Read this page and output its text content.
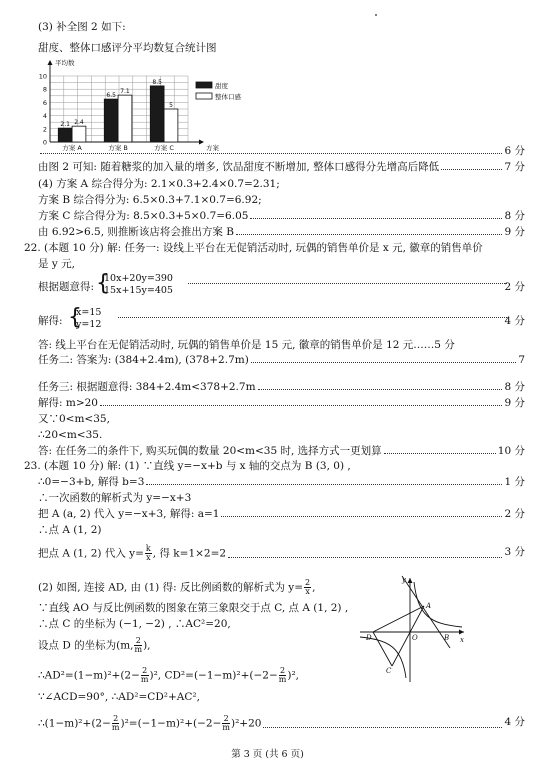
(3) 补全图 2 如下:
甜度、整体口感评分平均数复合统计图
0
2
4
6
8
10
平均数
方案
2.1 2.4
方案 A
6.5
7.1
方案 B
8.5
5
方案 C
甜度
整体口感
6 分
由图 2 可知: 随着糖浆的加入量的增多, 饮品甜度不断增加, 整体口感得分先增高后降低	7 分
(4) 方案 A 综合得分为: 2.1×0.3+2.4×0.7=2.31;
方案 B 综合得分为: 6.5×0.3+7.1×0.7=6.92;
方案 C 综合得分为: 8.5×0.3+5×0.7=6.05	8 分
由 6.92>6.5, 则推断该店将会推出方案 B	9 分
22. (本题 10 分) 解: 任务一: 设线上平台在无促销活动时, 玩偶的销售单价是 x 元, 徽章的销售单价
是 y 元,
根据题意得: {
10x+20y=390
15x+15y=405	2 分
解得: {
x=15
y=12	4 分
答: 线上平台在无促销活动时, 玩偶的销售单价是 15 元, 徽章的销售单价是 12 元……5 分
任务二: 答案为: (384+2.4m), (378+2.7m)	7
任务三: 根据题意得: 384+2.4m<378+2.7m	8 分
解得: m>20	9 分
又∵0<m<35,
∴20<m<35.
答: 在任务二的条件下, 购买玩偶的数量 20<m<35 时, 选择方式一更划算	10 分
23. (本题 10 分) 解: (1) ∵直线 y=−x+b 与 x 轴的交点为 B (3, 0) ,
∴0=−3+b, 解得 b=3	1 分
∴一次函数的解析式为 y=−x+3
把 A (a, 2) 代入 y=−x+3, 解得: a=1	2 分
∴点 A (1, 2)
把点 A (1, 2) 代入 $y= \frac{k}{x}$ , 得 k=1×2=2	3 分
(2) 如图, 连接 AD, 由 (1) 得: 反比例函数的解析式为 $y= \frac{2}{x}$ ,
∵直线 AO 与反比例函数的图象在第三象限交于点 C, 点 A (1, 2) ,
∴点 C 的坐标为 (−1, −2) , ∴AC²=20,
设点 D 的坐标为(m, $\frac{2}{m}$ ),
∴AD²=(1−m)²+(2− $\frac{2}{m} )^2$, $CD^2=(-1-m)^2+(-2- \frac{2}{m} )^2$,
∵∠ACD=90°, ∴AD²=CD²+AC²,
∴(1−m)²+(2− $\frac{2}{m} )^2=(-1-m)^2+(-2- \frac{2}{m} )^2+20$	4 分
x
y
O
A
B
C
D
第 3 页 (共 6 页)
